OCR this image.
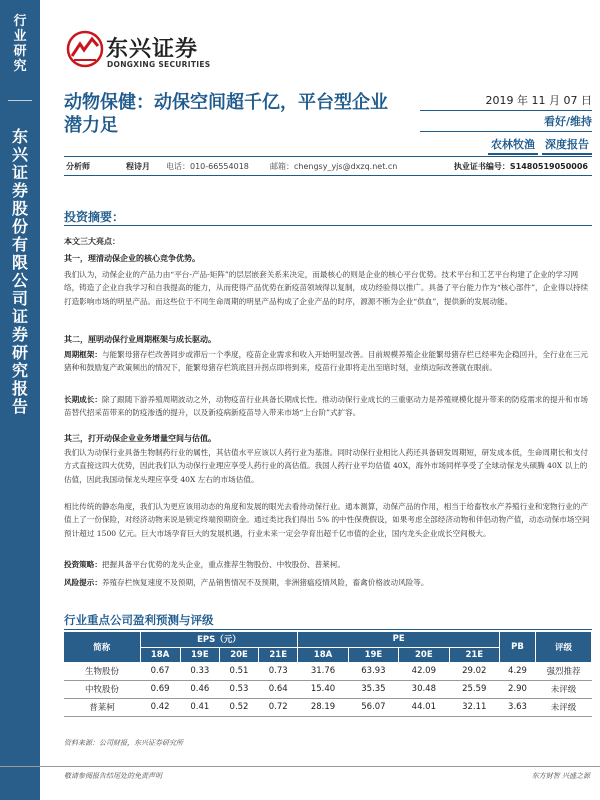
行
业
研
究
东
兴
证
券
股
份
有
限
公
司
证
券
研
究
报
告
东兴证券
DONGXING SECURITIES
动物保健：动保空间超千亿，平台型企业潜力足
2019 年 11 月 07 日
看好/维持
农林牧渔 深度报告
分析师	程诗月	电话：010-66554018	邮箱：chengsy_yjs@dxzq.net.cn	执业证书编号：S1480519050006
投资摘要：
本文三大亮点：
其一，理清动保企业的核心竞争优势。
我们认为，动保企业的产品力由“平台-产品-矩阵”的层层嵌套关系来决定，而最核心的则是企业的核心平台优势。技术平台和工艺平台构建了企业的学习网络，铸造了企业自我学习和自我提高的能力，从而使得产品优势在新疫苗领域得以复制，成功经验得以推广。具备了平台能力作为“核心部件”，企业得以持续打造影响市场的明星产品。而这些位于不同生命周期的明星产品构成了企业产品的时序，源源不断为企业“供血”，提供新的发展动能。
其二，厘明动保行业周期框架与成长驱动。
周期框架：与能繁母猪存栏改善同步或滞后一个季度，疫苗企业需求和收入开始明显改善。目前规模养殖企业能繁母猪存栏已经率先企稳回升，全行业在三元猪种和鼓励复产政策频出的情况下，能繁母猪存栏筑底回升拐点即将到来，疫苗行业即将走出至暗时刻，业绩边际改善就在眼前。
长期成长：除了跟随下游养殖周期波动之外，动物疫苗行业具备长期成长性。推动动保行业成长的三重驱动力是养殖规模化提升带来的防疫需求的提升和市场苗替代招采苗带来的防疫渗透的提升，以及新疫病新疫苗导入带来市场“上台阶”式扩容。
其三，打开动保企业业务增量空间与估值。
我们认为动保行业具备生物制药行业的属性，其估值水平应该以人药行业为基准。同时动保行业相比人药还具备研发周期短，研发成本低，生命周期长和支付方式直接这四大优势，因此我们认为动保行业理应享受人药行业的高估值。我国人药行业平均估值 40X，海外市场同样享受了全球动保龙头硕腾 40X 以上的估值，因此我国动保龙头理应享受 40X 左右的市场估值。
相比传统的静态角度，我们认为更应该用动态的角度和发展的眼光去看待动保行业。通本测算，动保产品的作用，相当于给畜牧水产养殖行业和宠物行业的产值上了一份保险，对经济动物来说是锁定终端预期资金。通过类比我们得出 5% 的中性保费假设，如果考虑全部经济动物和伴侣动物产值，动态动保市场空间预计超过 1500 亿元。巨大市场孕育巨大的发展机遇，行业未来一定会孕育出超千亿市值的企业，国内龙头企业成长空间极大。
投资策略：把握具备平台优势的龙头企业，重点推荐生物股份、中牧股份、普莱柯。
风险提示：养殖存栏恢复速度不及预期，产品销售情况不及预期，非洲猪瘟疫情风险，畜禽价格波动风险等。
行业重点公司盈利预测与评级
简称	EPS（元）				PE				PB	评级
	18A	19E	20E	21E	18A	19E	20E	21E		
生物股份	0.67	0.33	0.51	0.73	31.76	63.93	42.09	29.02	4.29	强烈推荐
中牧股份	0.69	0.46	0.53	0.64	15.40	35.35	30.48	25.59	2.90	未评级
普莱柯	0.42	0.41	0.52	0.72	28.19	56.07	44.01	32.11	3.63	未评级
资料来源：公司财报，东兴证券研究所
敬请参阅报告结尾处的免责声明	东方财智 兴盛之源
